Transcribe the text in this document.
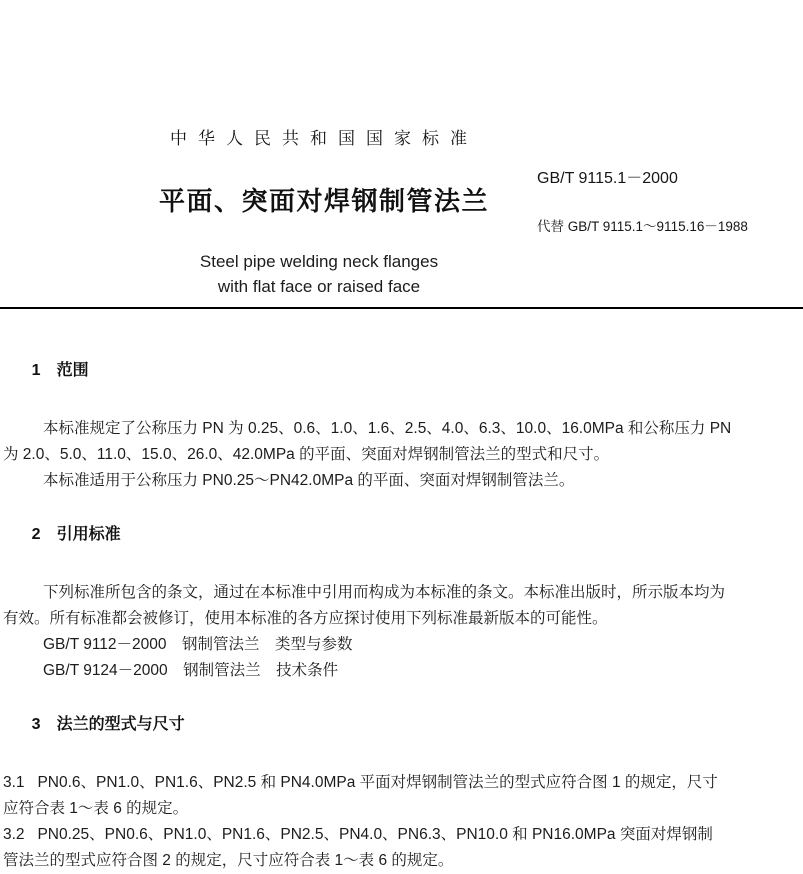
中华人民共和国国家标准
GB/T 9115.1－2000
平面、突面对焊钢制管法兰
代替 GB/T 9115.1～9115.16－1988
Steel pipe welding neck flanges
with flat face or raised face

1 范围

本标准规定了公称压力 PN 为 0.25、0.6、1.0、1.6、2.5、4.0、6.3、10.0、16.0MPa 和公称压力 PN
为 2.0、5.0、11.0、15.0、26.0、42.0MPa 的平面、突面对焊钢制管法兰的型式和尺寸。
本标准适用于公称压力 PN0.25～PN42.0MPa 的平面、突面对焊钢制管法兰。

2 引用标准

下列标准所包含的条文，通过在本标准中引用而构成为本标准的条文。本标准出版时，所示版本均为
有效。所有标准都会被修订，使用本标准的各方应探讨使用下列标准最新版本的可能性。
GB/T 9112－2000　钢制管法兰　类型与参数
GB/T 9124－2000　钢制管法兰　技术条件

3 法兰的型式与尺寸

3.1   PN0.6、PN1.0、PN1.6、PN2.5 和 PN4.0MPa 平面对焊钢制管法兰的型式应符合图 1 的规定，尺寸
应符合表 1～表 6 的规定。
3.2   PN0.25、PN0.6、PN1.0、PN1.6、PN2.5、PN4.0、PN6.3、PN10.0 和 PN16.0MPa 突面对焊钢制
管法兰的型式应符合图 2 的规定，尺寸应符合表 1～表 6 的规定。
